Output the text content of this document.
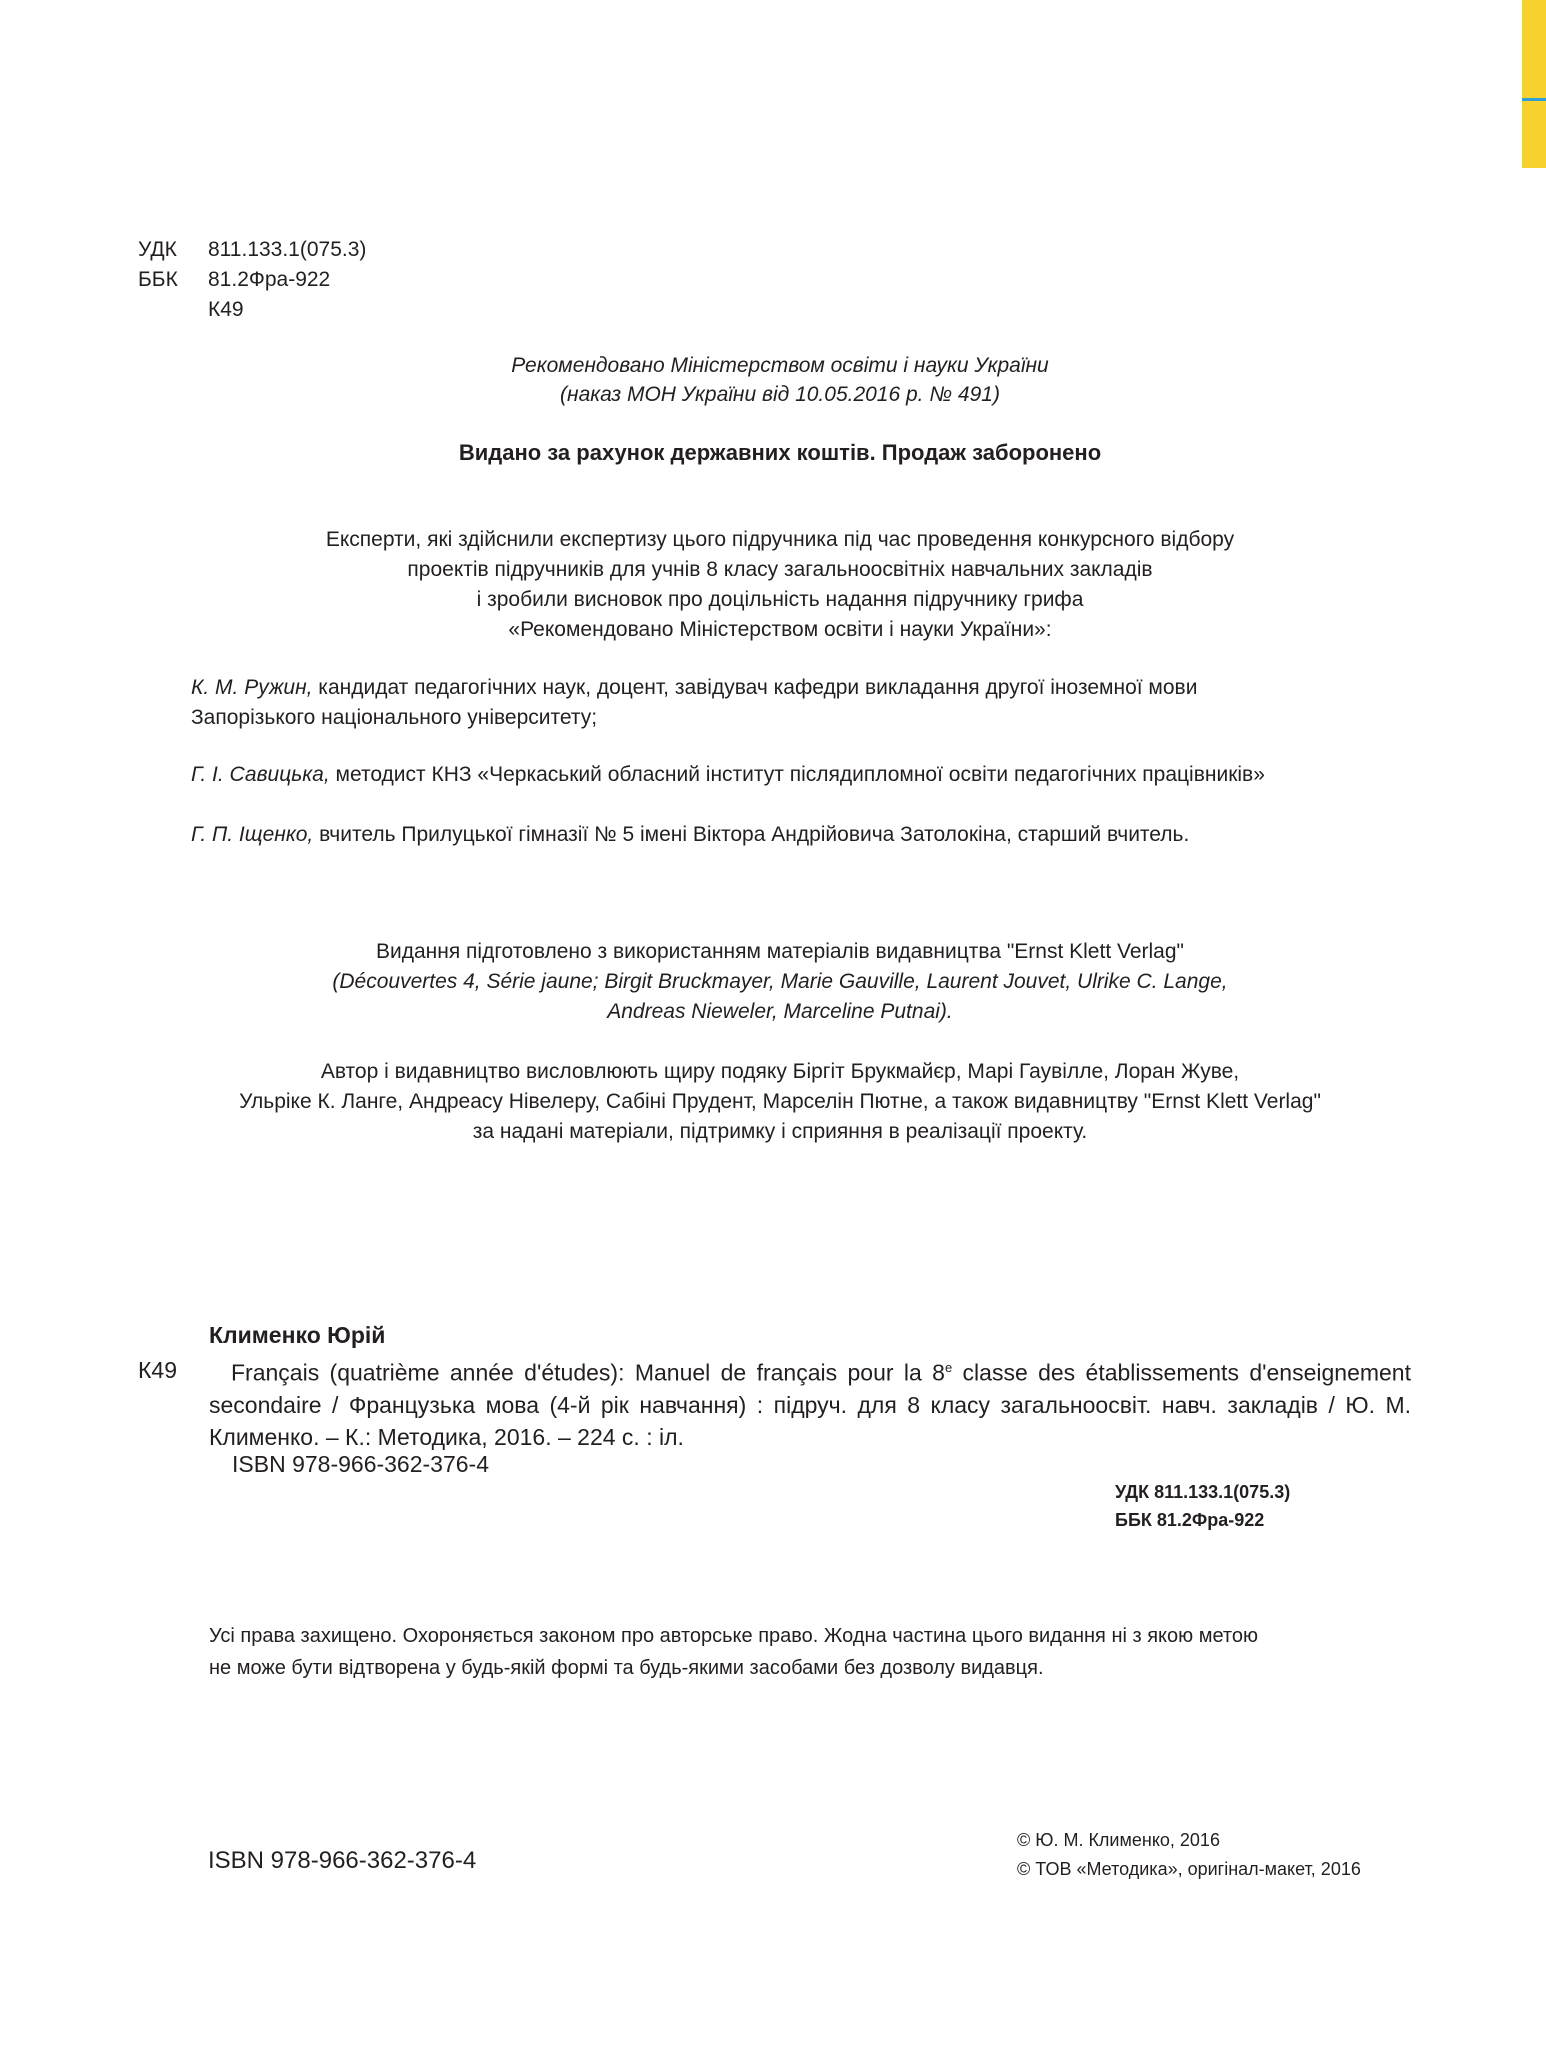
УДК 811.133.1(075.3)
ББК 81.2Фра-922
К49
Рекомендовано Міністерством освіти і науки України
(наказ МОН України від 10.05.2016 р. № 491)
Видано за рахунок державних коштів. Продаж заборонено
Експерти, які здійснили експертизу цього підручника під час проведення конкурсного відбору
проектів підручників для учнів 8 класу загальноосвітніх навчальних закладів
і зробили висновок про доцільність надання підручнику грифа
«Рекомендовано Міністерством освіти і науки України»:
К. М. Ружин, кандидат педагогічних наук, доцент, завідувач кафедри викладання другої іноземної мови
Запорізького національного університету;
Г. І. Савицька, методист КНЗ «Черкаський обласний інститут післядипломної освіти педагогічних працівників»
Г. П. Іщенко, вчитель Прилуцької гімназії № 5 імені Віктора Андрійовича Затолокіна, старший вчитель.
Видання підготовлено з використанням матеріалів видавництва "Ernst Klett Verlag"
(Découvertes 4, Série jaune; Birgit Bruckmayer, Marie Gauville, Laurent Jouvet, Ulrike C. Lange,
Andreas Nieweler, Marceline Putnai).
Автор і видавництво висловлюють щиру подяку Біргіт Брукмайєр, Марі Гаувілле, Лоран Жуве,
Ульріке К. Ланге, Андреасу Нівелеру, Сабіні Прудент, Марселін Пютне, а також видавництву "Ernst Klett Verlag"
за надані матеріали, підтримку і сприяння в реалізації проекту.
Клименко Юрій
К49	Français (quatrième année d'études): Manuel de français pour la 8e classe des établissements d'enseignement secondaire / Французька мова (4-й рік навчання) : підруч. для 8 класу загальноосвіт. навч. закладів / Ю. М. Клименко. – К.: Методика, 2016. – 224 с. : іл.
ISBN 978-966-362-376-4
УДК 811.133.1(075.3)
ББК 81.2Фра-922
Усі права захищено. Охороняється законом про авторське право. Жодна частина цього видання ні з якою метою
не може бути відтворена у будь-якій формі та будь-якими засобами без дозволу видавця.
ISBN 978-966-362-376-4
© Ю. М. Клименко, 2016
© ТОВ «Методика», оригінал-макет, 2016
